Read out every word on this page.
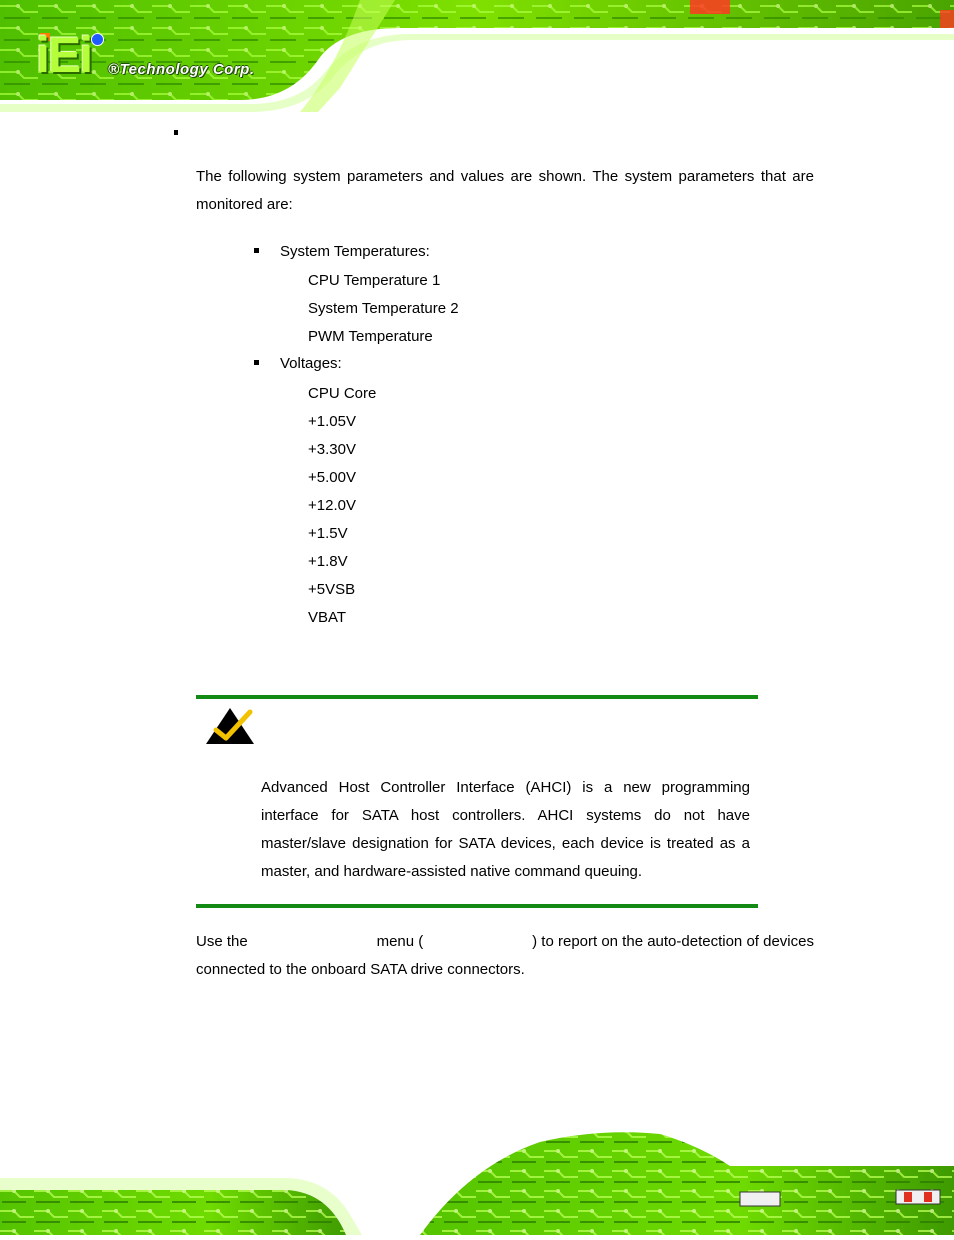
iEi ®Technology Corp.

The following system parameters and values are shown. The system parameters that are monitored are:

System Temperatures:
CPU Temperature 1
System Temperature 2
PWM Temperature
Voltages:
CPU Core
+1.05V
+3.30V
+5.00V
+12.0V
+1.5V
+1.8V
+5VSB
VBAT
Advanced Host Controller Interface (AHCI) is a new programming
interface for SATA host controllers. AHCI systems do not have
master/slave designation for SATA devices, each device is treated as a
master, and hardware-assisted native command queuing.
Use the	menu (	) to report on the auto-detection of devices
connected to the onboard SATA drive connectors.
